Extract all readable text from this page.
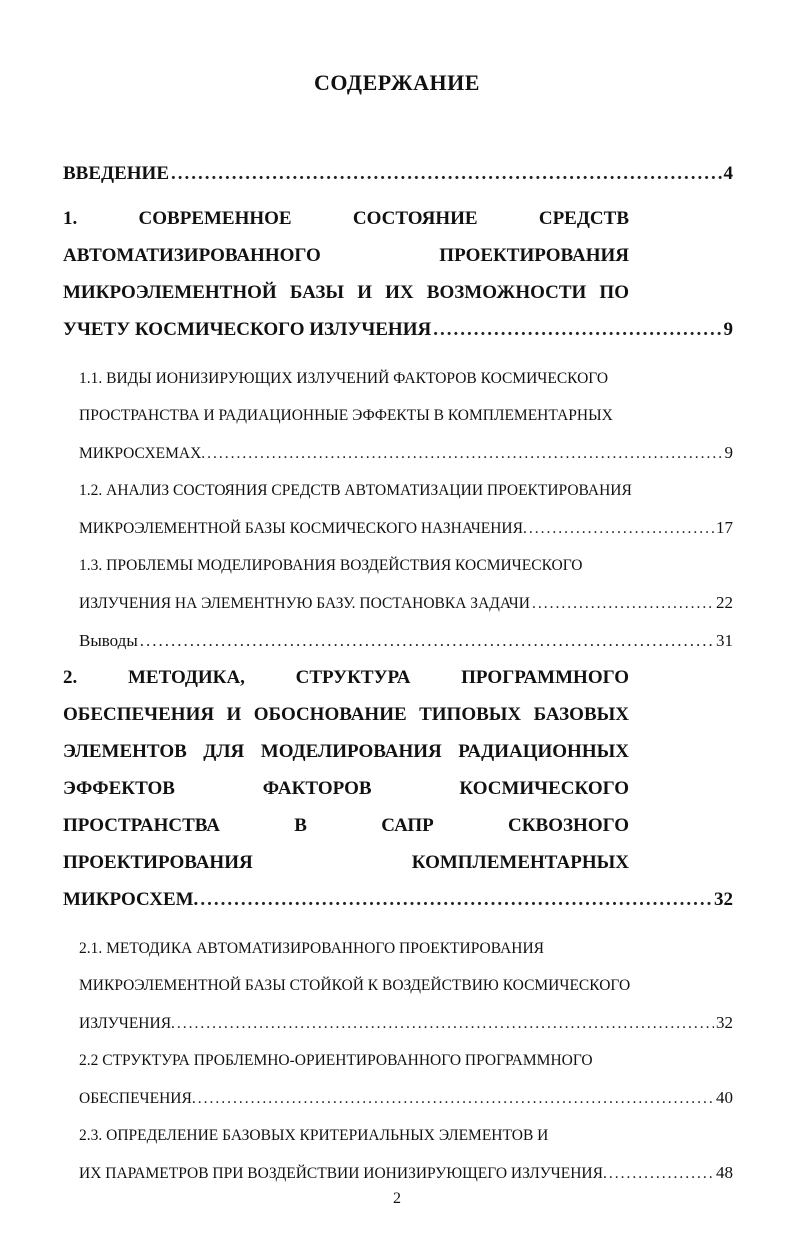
СОДЕРЖАНИЕ
ВВЕДЕНИЕ .....	4
1. СОВРЕМЕННОЕ СОСТОЯНИЕ СРЕДСТВ
АВТОМАТИЗИРОВАННОГО ПРОЕКТИРОВАНИЯ
МИКРОЭЛЕМЕНТНОЙ БАЗЫ И ИХ ВОЗМОЖНОСТИ ПО
УЧЕТУ КОСМИЧЕСКОГО ИЗЛУЧЕНИЯ .....	9
1.1. ВИДЫ ИОНИЗИРУЮЩИХ ИЗЛУЧЕНИЙ ФАКТОРОВ КОСМИЧЕСКОГО
ПРОСТРАНСТВА И РАДИАЦИОННЫЕ ЭФФЕКТЫ В КОМПЛЕМЕНТАРНЫХ
МИКРОСХЕМАХ. .....	9
1.2. АНАЛИЗ СОСТОЯНИЯ СРЕДСТВ АВТОМАТИЗАЦИИ ПРОЕКТИРОВАНИЯ
МИКРОЭЛЕМЕНТНОЙ БАЗЫ КОСМИЧЕСКОГО НАЗНАЧЕНИЯ. .....	17
1.3. ПРОБЛЕМЫ МОДЕЛИРОВАНИЯ ВОЗДЕЙСТВИЯ КОСМИЧЕСКОГО
ИЗЛУЧЕНИЯ НА ЭЛЕМЕНТНУЮ БАЗУ. ПОСТАНОВКА ЗАДАЧИ .....	22
Выводы .....	31
2. МЕТОДИКА, СТРУКТУРА ПРОГРАММНОГО
ОБЕСПЕЧЕНИЯ И ОБОСНОВАНИЕ ТИПОВЫХ БАЗОВЫХ
ЭЛЕМЕНТОВ ДЛЯ МОДЕЛИРОВАНИЯ РАДИАЦИОННЫХ
ЭФФЕКТОВ ФАКТОРОВ КОСМИЧЕСКОГО
ПРОСТРАНСТВА В САПР СКВОЗНОГО
ПРОЕКТИРОВАНИЯ КОМПЛЕМЕНТАРНЫХ
МИКРОСХЕМ. .....	32
2.1. МЕТОДИКА АВТОМАТИЗИРОВАННОГО ПРОЕКТИРОВАНИЯ
МИКРОЭЛЕМЕНТНОЙ БАЗЫ СТОЙКОЙ К ВОЗДЕЙСТВИЮ КОСМИЧЕСКОГО
ИЗЛУЧЕНИЯ. .....	32
2.2 СТРУКТУРА ПРОБЛЕМНО-ОРИЕНТИРОВАННОГО ПРОГРАММНОГО
ОБЕСПЕЧЕНИЯ. .....	40
2.3. ОПРЕДЕЛЕНИЕ БАЗОВЫХ КРИТЕРИАЛЬНЫХ ЭЛЕМЕНТОВ И
ИХ ПАРАМЕТРОВ ПРИ ВОЗДЕЙСТВИИ ИОНИЗИРУЮЩЕГО ИЗЛУЧЕНИЯ. .....	48
2
